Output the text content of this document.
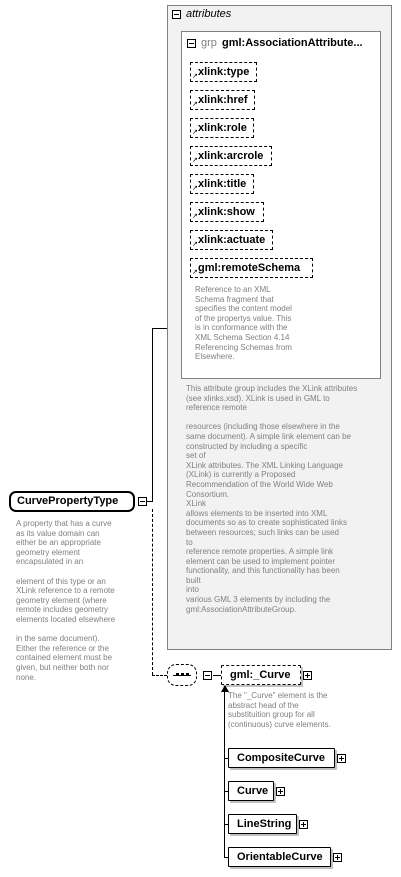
attributes
grp gml:AssociationAttribute...
↗ xlink:type
↗ xlink:href
↗ xlink:role
↗ xlink:arcrole
↗ xlink:title
↗ xlink:show
↗ xlink:actuate
↗ gml:remoteSchema
Reference to an XML
Schema fragment that
specifies the content model
of the propertys value. This
is in conformance with the
XML Schema Section 4.14
Referencing Schemas from
Elsewhere.
This attribute group includes the XLink attributes
(see xlinks.xsd). XLink is used in GML to
reference remote

resources (including those elsewhere in the
same document). A simple link element can be
constructed by including a specific
set of
XLink attributes. The XML Linking Language
(XLink) is currently a Proposed
Recommendation of the World Wide Web
Consortium.
XLink
allows elements to be inserted into XML
documents so as to create sophisticated links
between resources; such links can be used
to
reference remote properties. A simple link
element can be used to implement pointer
functionality, and this functionality has been
built
into
various GML 3 elements by including the
gml:AssociationAttributeGroup.
CurvePropertyType
A property that has a curve
as its value domain can
either be an appropriate
geometry element
encapsulated in an

element of this type or an
XLink reference to a remote
geometry element (where
remote includes geometry
elements located elsewhere

in the same document).
Either the reference or the
contained element must be
given, but neither both nor
none.	gml:_Curve
The "_Curve" element is the
abstract head of the
substituition group for all
(continuous) curve elements.
CompositeCurve
Curve
LineString
OrientableCurve
